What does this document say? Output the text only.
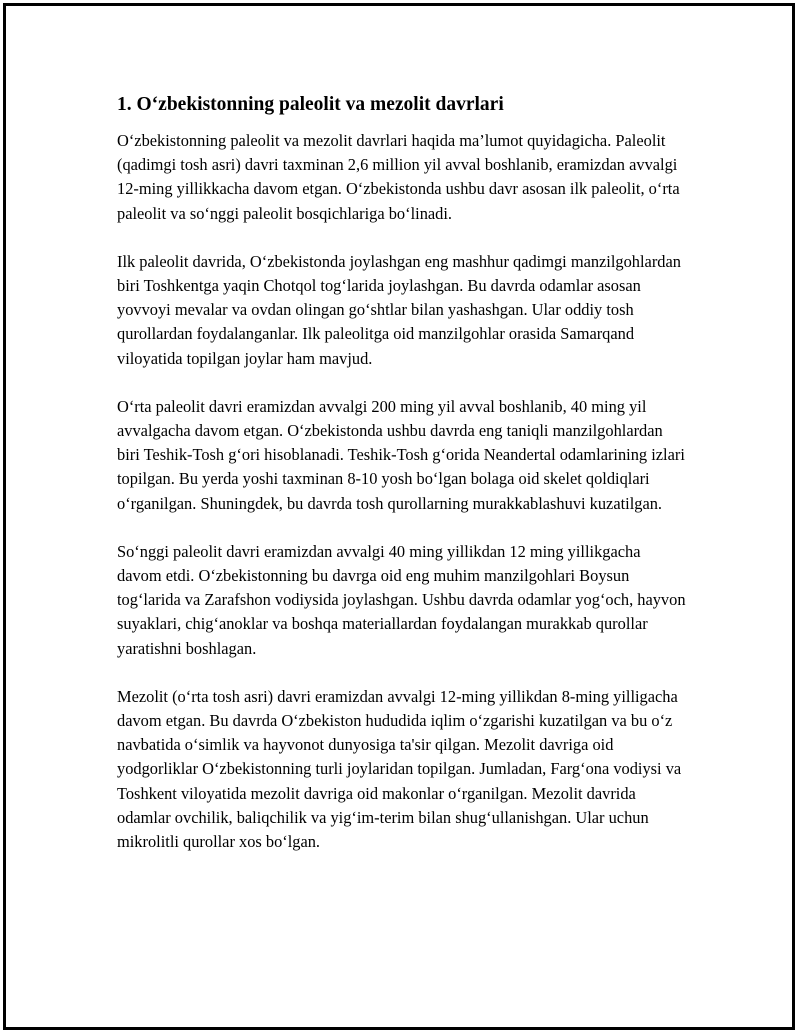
1. O‘zbekistonning paleolit va mezolit davrlari

O‘zbekistonning paleolit va mezolit davrlari haqida ma’lumot quyidagicha. Paleolit (qadimgi tosh asri) davri taxminan 2,6 million yil avval boshlanib, eramizdan avvalgi 12-ming yillikkacha davom etgan. O‘zbekistonda ushbu davr asosan ilk paleolit, o‘rta paleolit va so‘nggi paleolit bosqichlariga bo‘linadi.

Ilk paleolit davrida, O‘zbekistonda joylashgan eng mashhur qadimgi manzilgohlardan biri Toshkentga yaqin Chotqol tog‘larida joylashgan. Bu davrda odamlar asosan yovvoyi mevalar va ovdan olingan go‘shtlar bilan yashashgan. Ular oddiy tosh qurollardan foydalanganlar. Ilk paleolitga oid manzilgohlar orasida Samarqand viloyatida topilgan joylar ham mavjud.

O‘rta paleolit davri eramizdan avvalgi 200 ming yil avval boshlanib, 40 ming yil avvalgacha davom etgan. O‘zbekistonda ushbu davrda eng taniqli manzilgohlardan biri Teshik-Tosh g‘ori hisoblanadi. Teshik-Tosh g‘orida Neandertal odamlarining izlari topilgan. Bu yerda yoshi taxminan 8-10 yosh bo‘lgan bolaga oid skelet qoldiqlari o‘rganilgan. Shuningdek, bu davrda tosh qurollarning murakkablashuvi kuzatilgan.

So‘nggi paleolit davri eramizdan avvalgi 40 ming yillikdan 12 ming yillikgacha davom etdi. O‘zbekistonning bu davrga oid eng muhim manzilgohlari Boysun tog‘larida va Zarafshon vodiysida joylashgan. Ushbu davrda odamlar yog‘och, hayvon suyaklari, chig‘anoklar va boshqa materiallardan foydalangan murakkab qurollar yaratishni boshlagan.

Mezolit (o‘rta tosh asri) davri eramizdan avvalgi 12-ming yillikdan 8-ming yilligacha davom etgan. Bu davrda O‘zbekiston hududida iqlim o‘zgarishi kuzatilgan va bu o‘z navbatida o‘simlik va hayvonot dunyosiga ta'sir qilgan. Mezolit davriga oid yodgorliklar O‘zbekistonning turli joylaridan topilgan. Jumladan, Farg‘ona vodiysi va Toshkent viloyatida mezolit davriga oid makonlar o‘rganilgan. Mezolit davrida odamlar ovchilik, baliqchilik va yig‘im-terim bilan shug‘ullanishgan. Ular uchun mikrolitli qurollar xos bo‘lgan.
